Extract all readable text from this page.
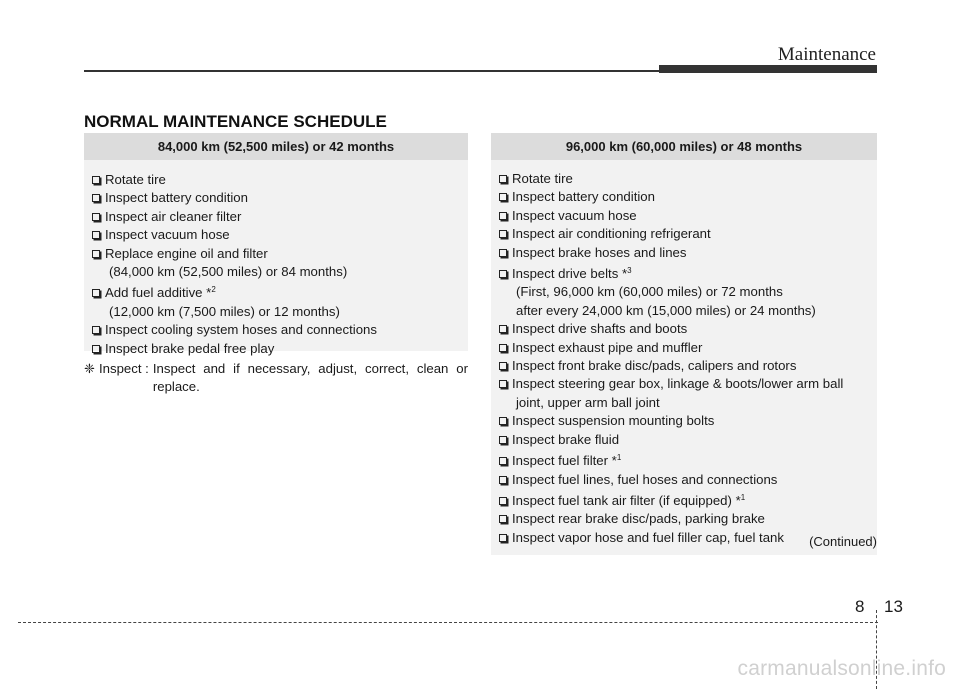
Maintenance
NORMAL MAINTENANCE SCHEDULE
84,000 km (52,500 miles) or 42 months
Rotate tire
Inspect battery condition
Inspect air cleaner filter
Inspect vacuum hose
Replace engine oil and filter
(84,000 km (52,500 miles) or 84 months)
Add fuel additive *$^2$
(12,000 km (7,500 miles) or 12 months)
Inspect cooling system hoses and connections
Inspect brake pedal free play
96,000 km (60,000 miles) or 48 months
Rotate tire
Inspect battery condition
Inspect vacuum hose
Inspect air conditioning refrigerant
Inspect brake hoses and lines
Inspect drive belts *$^3$
(First, 96,000 km (60,000 miles) or 72 months
after every 24,000 km (15,000 miles) or 24 months)
Inspect drive shafts and boots
Inspect exhaust pipe and muffler
Inspect front brake disc/pads, calipers and rotors
Inspect steering gear box, linkage & boots/lower arm ball
joint, upper arm ball joint
Inspect suspension mounting bolts
Inspect brake fluid
Inspect fuel filter *$^1$
Inspect fuel lines, fuel hoses and connections
Inspect fuel tank air filter (if equipped) *$^1$
Inspect rear brake disc/pads, parking brake
Inspect vapor hose and fuel filler cap, fuel tank	(Continued)
❈ Inspect : Inspect and if necessary, adjust, correct, clean or replace.
8 13
carmanualsonline.info
